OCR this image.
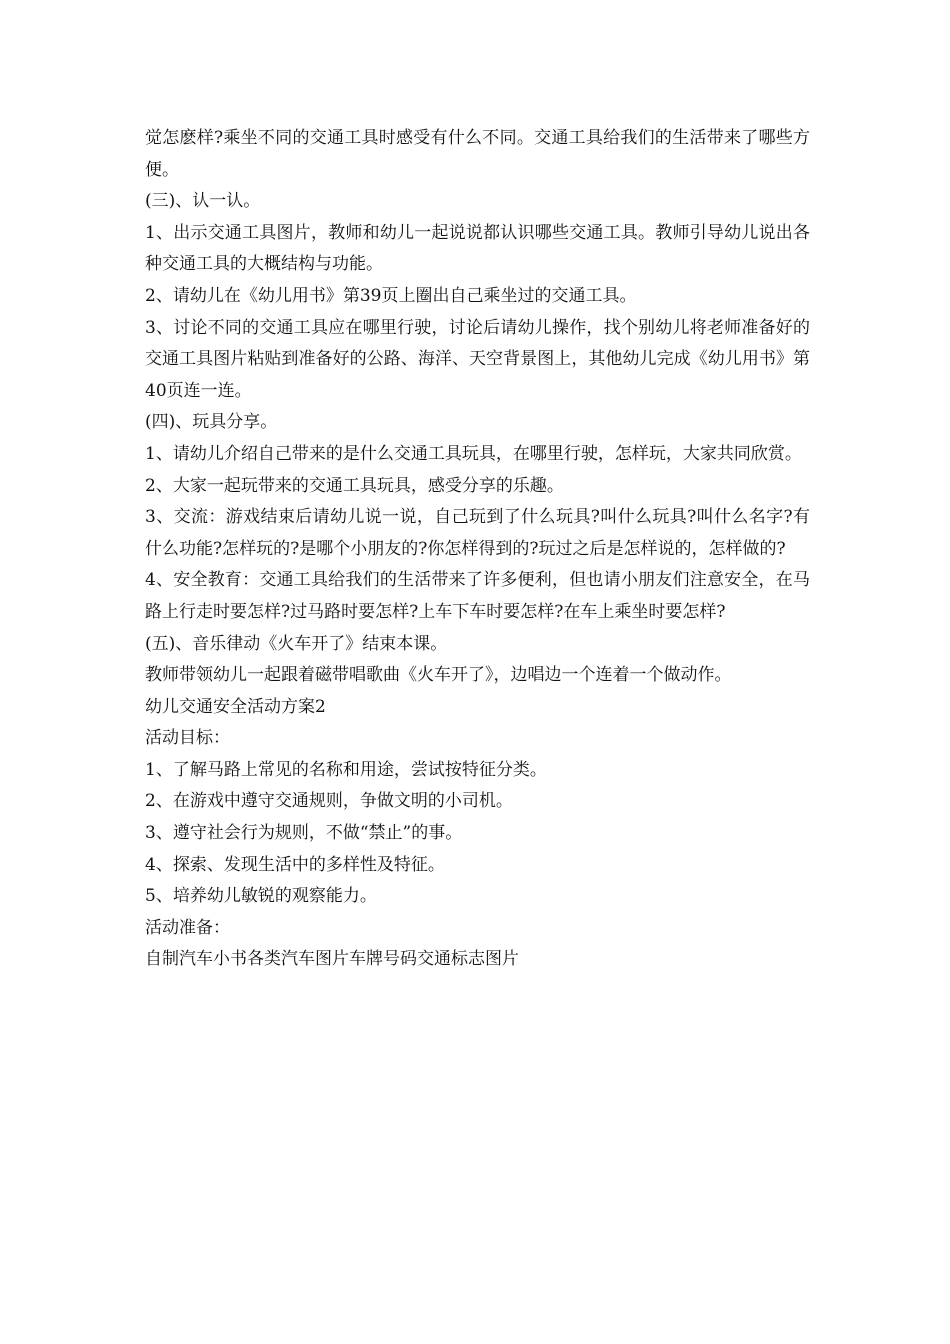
觉怎麽样?乘坐不同的交通工具时感受有什么不同。交通工具给我们的生活带来了哪些方便。

(三)、认一认。

1、出示交通工具图片，教师和幼儿一起说说都认识哪些交通工具。教师引导幼儿说出各种交通工具的大概结构与功能。

2、请幼儿在《幼儿用书》第39页上圈出自己乘坐过的交通工具。

3、讨论不同的交通工具应在哪里行驶，讨论后请幼儿操作，找个别幼儿将老师准备好的交通工具图片粘贴到准备好的公路、海洋、天空背景图上，其他幼儿完成《幼儿用书》第40页连一连。

(四)、玩具分享。

1、请幼儿介绍自己带来的是什么交通工具玩具，在哪里行驶，怎样玩，大家共同欣赏。

2、大家一起玩带来的交通工具玩具，感受分享的乐趣。

3、交流：游戏结束后请幼儿说一说，自己玩到了什么玩具?叫什么玩具?叫什么名字?有什么功能?怎样玩的?是哪个小朋友的?你怎样得到的?玩过之后是怎样说的，怎样做的?

4、安全教育：交通工具给我们的生活带来了许多便利，但也请小朋友们注意安全，在马路上行走时要怎样?过马路时要怎样?上车下车时要怎样?在车上乘坐时要怎样?

(五)、音乐律动《火车开了》结束本课。

教师带领幼儿一起跟着磁带唱歌曲《火车开了》，边唱边一个连着一个做动作。

幼儿交通安全活动方案2

活动目标：

1、了解马路上常见的名称和用途，尝试按特征分类。

2、在游戏中遵守交通规则，争做文明的小司机。

3、遵守社会行为规则，不做“禁止”的事。

4、探索、发现生活中的多样性及特征。

5、培养幼儿敏锐的观察能力。

活动准备：

自制汽车小书各类汽车图片车牌号码交通标志图片
